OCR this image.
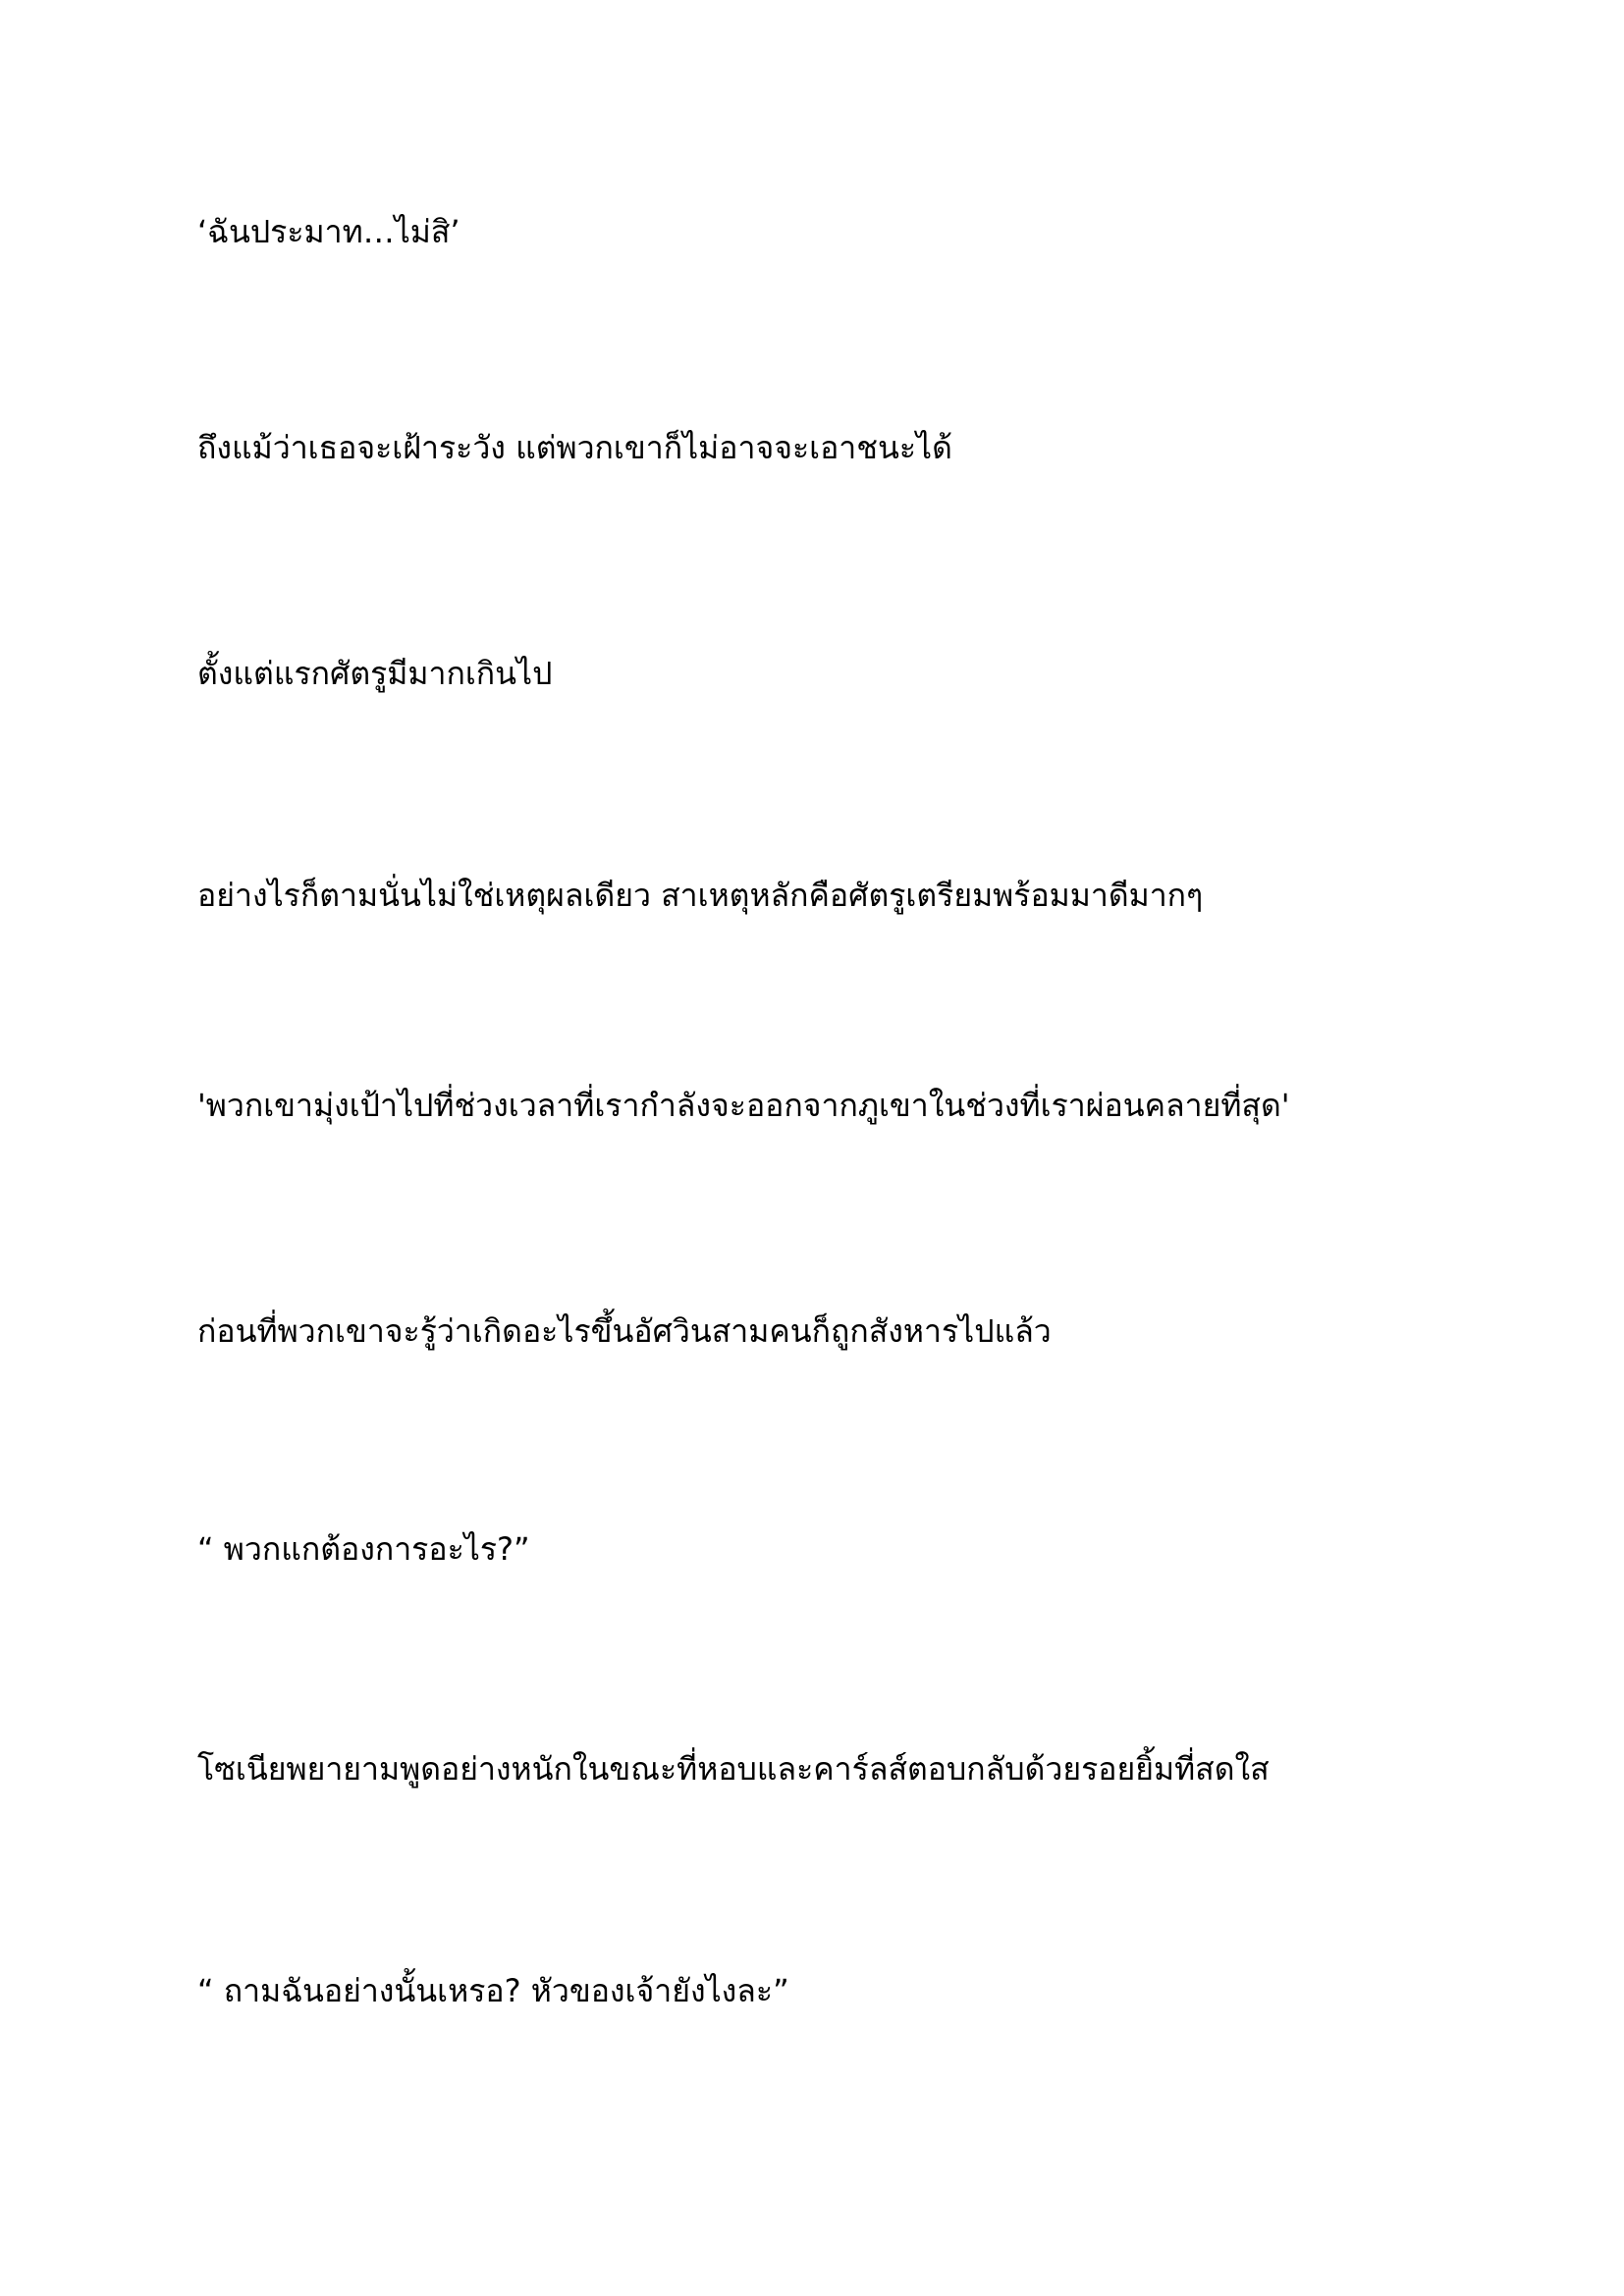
‘ฉันประมาท…ไม่สิ’

ถึงแม้ว่าเธอจะเฝ้าระวัง แต่พวกเขาก็ไม่อาจจะเอาชนะได้

ตั้งแต่แรกศัตรูมีมากเกินไป

อย่างไรก็ตามนั่นไม่ใช่เหตุผลเดียว สาเหตุหลักคือศัตรูเตรียมพร้อมมาดีมากๆ

'พวกเขามุ่งเป้าไปที่ช่วงเวลาที่เรากำลังจะออกจากภูเขาในช่วงที่เราผ่อนคลายที่สุด'

ก่อนที่พวกเขาจะรู้ว่าเกิดอะไรขึ้นอัศวินสามคนก็ถูกสังหารไปแล้ว

“ พวกแกต้องการอะไร?”

โซเนียพยายามพูดอย่างหนักในขณะที่หอบและคาร์ลส์ตอบกลับด้วยรอยยิ้มที่สดใส

“ ถามฉันอย่างนั้นเหรอ? หัวของเจ้ายังไงละ”
